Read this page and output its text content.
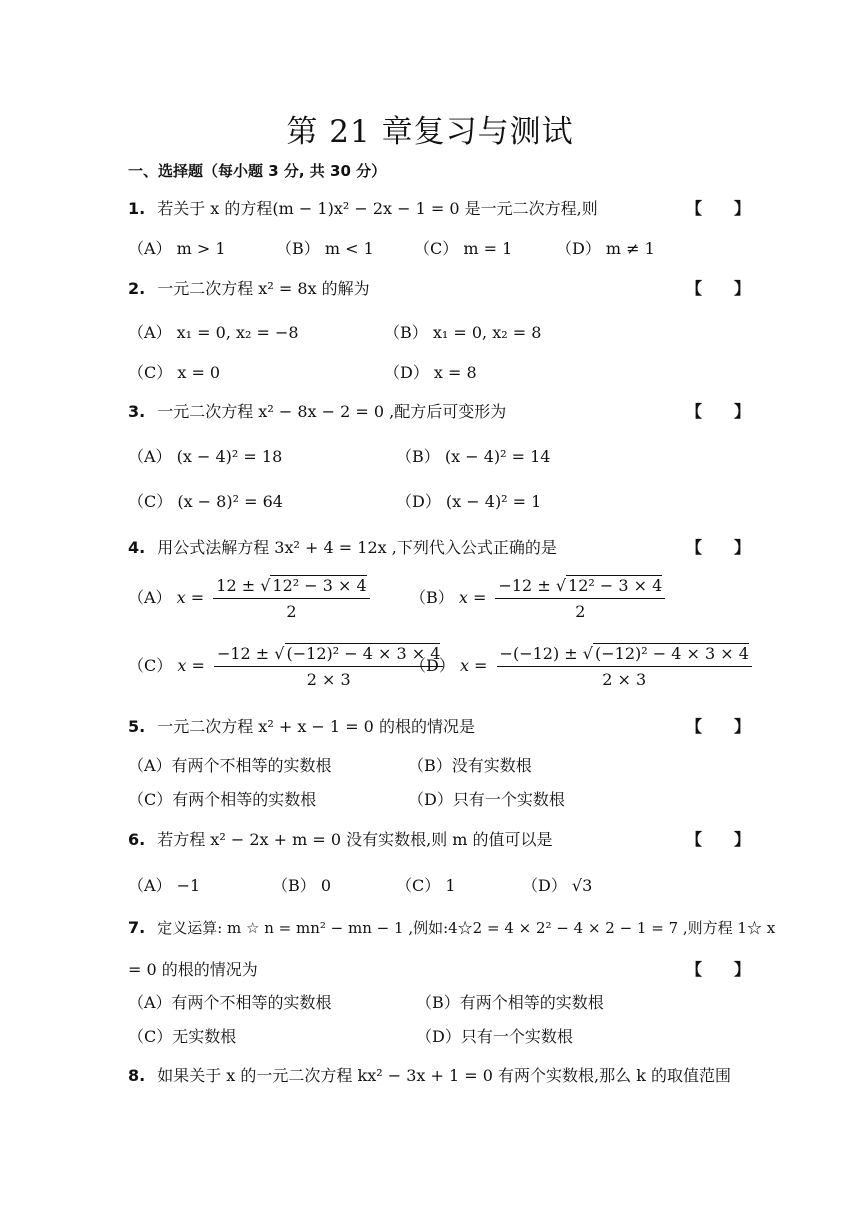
第 21 章复习与测试
一、选择题（每小题 3 分, 共 30 分）
1. 若关于 x 的方程(m − 1)x² − 2x − 1 = 0 是一元二次方程,则	【　　】
（A） m > 1	（B） m < 1	（C） m = 1	（D） m ≠ 1
2. 一元二次方程 x² = 8x 的解为	【　　】
（A） x₁ = 0, x₂ = −8	（B） x₁ = 0, x₂ = 8
（C） x = 0	（D） x = 8
3. 一元二次方程 x² − 8x − 2 = 0 ,配方后可变形为	【　　】
（A） (x − 4)² = 18	（B） (x − 4)² = 14
（C） (x − 8)² = 64	（D） (x − 4)² = 1
4. 用公式法解方程 3x² + 4 = 12x ,下列代入公式正确的是	【　　】
（A） $x = \frac{\text{12 ± √ 12² − 3 × 4}}{2}$	（B） $x = \frac{\text{−12 ± √ 12² − 3 × 4}}{2}$
（C） $x = \frac{\text{−12 ± √ (−12)² − 4 × 3 × 4}}{2 \times 3}$
（D） $x = \frac{\text{−(−12) ± √ (−12)² − 4 × 3 × 4}}{2 \times 3}$
5. 一元二次方程 x² + x − 1 = 0 的根的情况是	【　　】
（A）有两个不相等的实数根	（B）没有实数根
（C）有两个相等的实数根	（D）只有一个实数根
6. 若方程 x² − 2x + m = 0 没有实数根,则 m 的值可以是	【　　】
（A） −1	（B） 0	（C） 1	（D） √3
7. 定义运算: m ☆ n = mn² − mn − 1 ,例如:4☆2 = 4 × 2² − 4 × 2 − 1 = 7 ,则方程 1☆ x
= 0 的根的情况为	【　　】
（A）有两个不相等的实数根	（B）有两个相等的实数根
（C）无实数根	（D）只有一个实数根
8. 如果关于 x 的一元二次方程 kx² − 3x + 1 = 0 有两个实数根,那么 k 的取值范围
